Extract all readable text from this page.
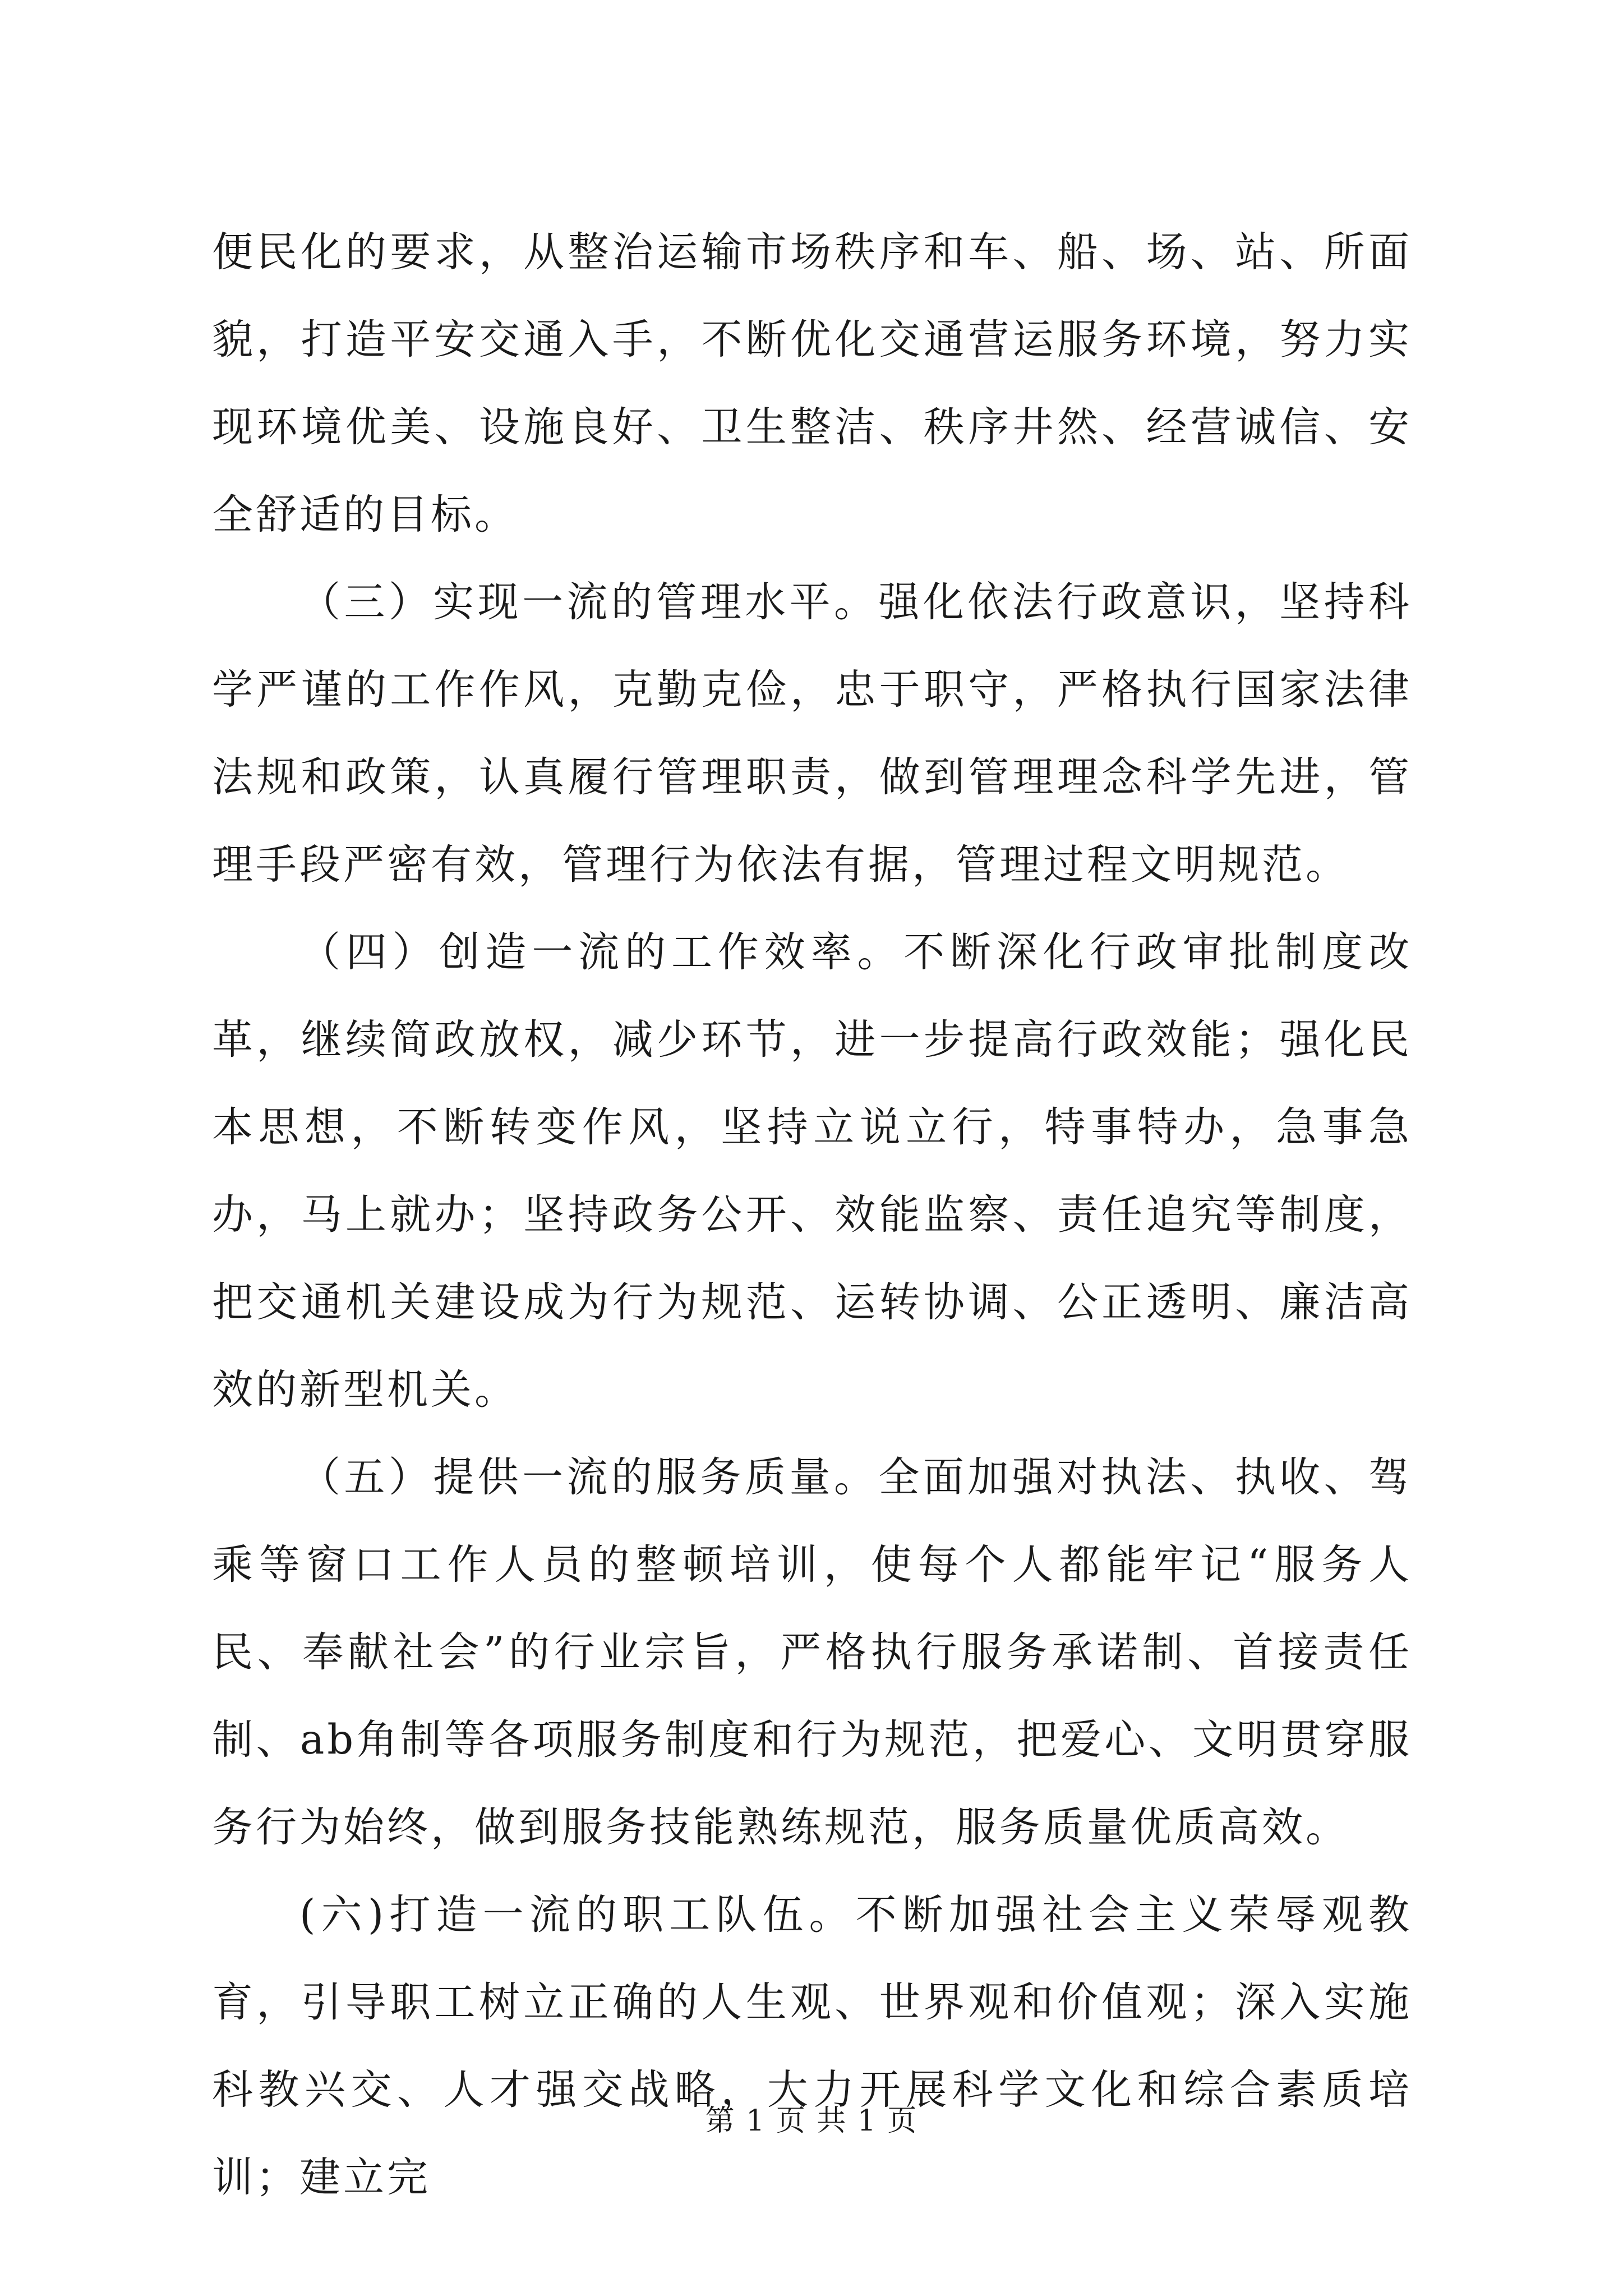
便民化的要求，从整治运输市场秩序和车、船、场、站、所面貌，打造平安交通入手，不断优化交通营运服务环境，努力实现环境优美、设施良好、卫生整洁、秩序井然、经营诚信、安全舒适的目标。

（三）实现一流的管理水平。强化依法行政意识，坚持科学严谨的工作作风，克勤克俭，忠于职守，严格执行国家法律法规和政策，认真履行管理职责，做到管理理念科学先进，管理手段严密有效，管理行为依法有据，管理过程文明规范。

（四）创造一流的工作效率。不断深化行政审批制度改革，继续简政放权，减少环节，进一步提高行政效能；强化民本思想，不断转变作风，坚持立说立行，特事特办，急事急办，马上就办；坚持政务公开、效能监察、责任追究等制度，把交通机关建设成为行为规范、运转协调、公正透明、廉洁高效的新型机关。

（五）提供一流的服务质量。全面加强对执法、执收、驾乘等窗口工作人员的整顿培训，使每个人都能牢记“服务人民、奉献社会”的行业宗旨，严格执行服务承诺制、首接责任制、ab角制等各项服务制度和行为规范，把爱心、文明贯穿服务行为始终，做到服务技能熟练规范，服务质量优质高效。

(六)打造一流的职工队伍。不断加强社会主义荣辱观教育，引导职工树立正确的人生观、世界观和价值观；深入实施科教兴交、人才强交战略，大力开展科学文化和综合素质培训；建立完

第 1 页 共 1 页
